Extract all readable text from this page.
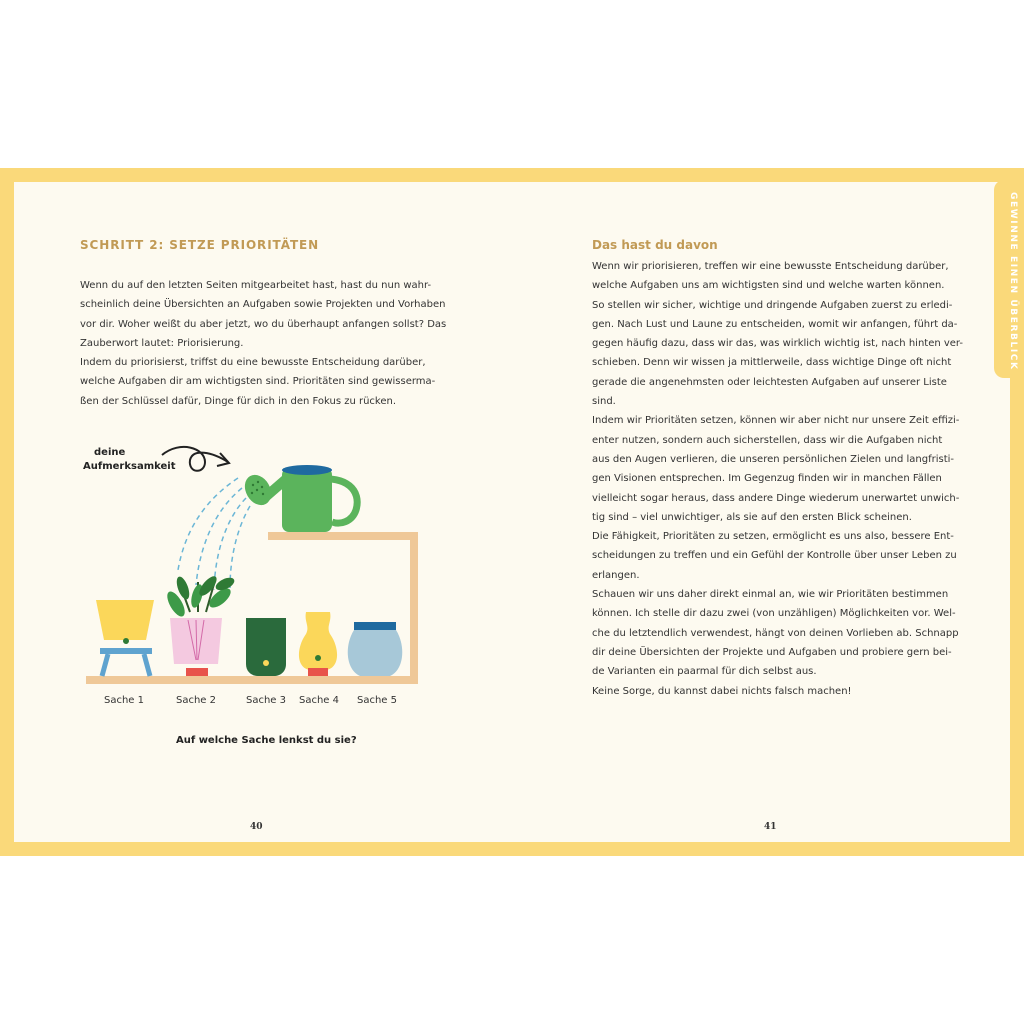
GEWINNE EINEN ÜBERBLICK
SCHRITT 2: SETZE PRIORITÄTEN
Wenn du auf den letzten Seiten mitgearbeitet hast, hast du nun wahr-
scheinlich deine Übersichten an Aufgaben sowie Projekten und Vorhaben
vor dir. Woher weißt du aber jetzt, wo du überhaupt anfangen sollst? Das
Zauberwort lautet: Priorisierung.
Indem du priorisierst, triffst du eine bewusste Entscheidung darüber,
welche Aufgaben dir am wichtigsten sind. Prioritäten sind gewisserma-
ßen der Schlüssel dafür, Dinge für dich in den Fokus zu rücken.
deine
Aufmerksamkeit
Sache 1	Sache 2	Sache 3 Sache 4 Sache 5
Auf welche Sache lenkst du sie?
40
Das hast du davon
Wenn wir priorisieren, treffen wir eine bewusste Entscheidung darüber,
welche Aufgaben uns am wichtigsten sind und welche warten können.
So stellen wir sicher, wichtige und dringende Aufgaben zuerst zu erledi-
gen. Nach Lust und Laune zu entscheiden, womit wir anfangen, führt da-
gegen häufig dazu, dass wir das, was wirklich wichtig ist, nach hinten ver-
schieben. Denn wir wissen ja mittlerweile, dass wichtige Dinge oft nicht
gerade die angenehmsten oder leichtesten Aufgaben auf unserer Liste
sind.
Indem wir Prioritäten setzen, können wir aber nicht nur unsere Zeit effizi-
enter nutzen, sondern auch sicherstellen, dass wir die Aufgaben nicht
aus den Augen verlieren, die unseren persönlichen Zielen und langfristi-
gen Visionen entsprechen. Im Gegenzug finden wir in manchen Fällen
vielleicht sogar heraus, dass andere Dinge wiederum unerwartet unwich-
tig sind – viel unwichtiger, als sie auf den ersten Blick scheinen.
Die Fähigkeit, Prioritäten zu setzen, ermöglicht es uns also, bessere Ent-
scheidungen zu treffen und ein Gefühl der Kontrolle über unser Leben zu
erlangen.
Schauen wir uns daher direkt einmal an, wie wir Prioritäten bestimmen
können. Ich stelle dir dazu zwei (von unzähligen) Möglichkeiten vor. Wel-
che du letztendlich verwendest, hängt von deinen Vorlieben ab. Schnapp
dir deine Übersichten der Projekte und Aufgaben und probiere gern bei-
de Varianten ein paarmal für dich selbst aus.
Keine Sorge, du kannst dabei nichts falsch machen!
41
